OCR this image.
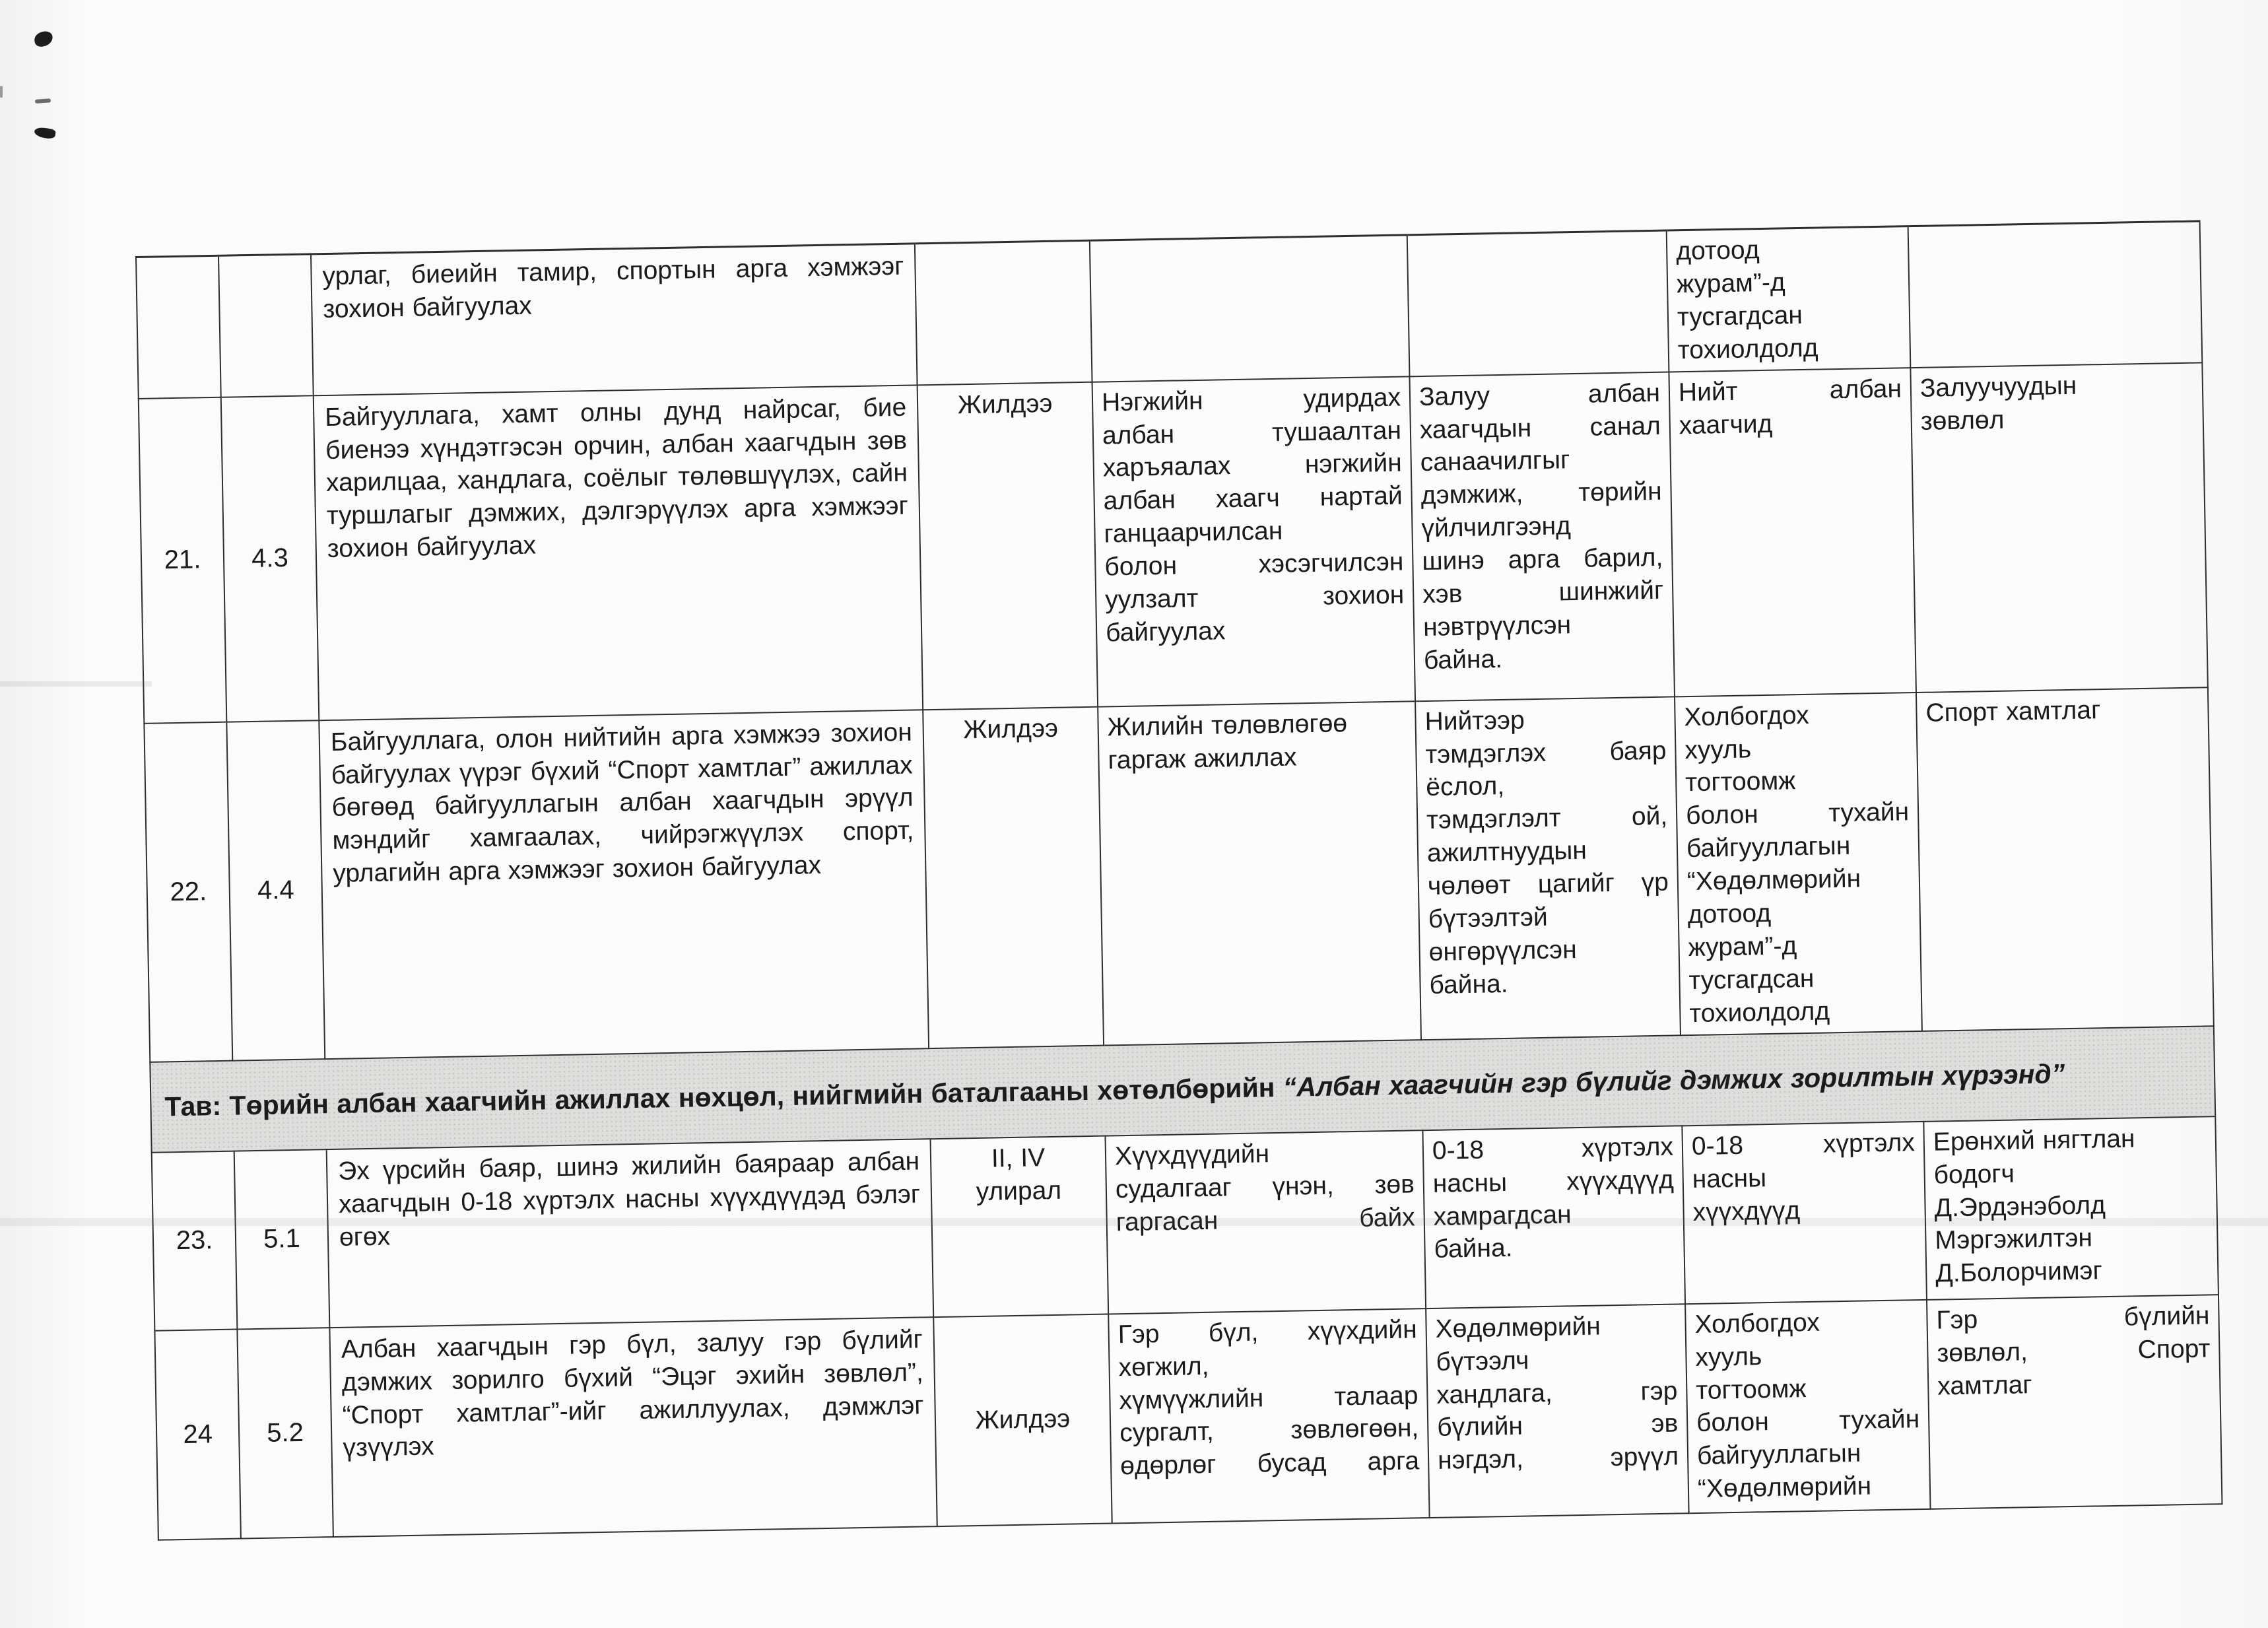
		урлаг, биеийн тамир, спортын арга хэмжээг зохион байгуулах				дотоод
журам”-д
тусгагдсан
тохиолдолд	
21.	4.3	Байгууллага, хамт олны дунд найрсаг, бие биенээ хүндэтгэсэн орчин, албан хаагчдын зөв харилцаа, хандлага, соёлыг төлөвшүүлэх, сайн туршлагыг дэмжих, дэлгэрүүлэх арга хэмжээг зохион байгуулах	Жилдээ	Нэгжийн удирдах
албан тушаалтан
харъяалах нэгжийн
албан хаагч нартай
ганцаарчилсан
болон хэсэгчилсэн
уулзалт зохион
байгуулах	Залуу албан
хаагчдын санал
санаачилгыг
дэмжиж, төрийн
үйлчилгээнд
шинэ арга барил,
хэв шинжийг
нэвтрүүлсэн
байна.	Нийт албан
хаагчид	Залуучуудын
зөвлөл
22.	4.4	Байгууллага, олон нийтийн арга хэмжээ зохион байгуулах үүрэг бүхий “Спорт хамтлаг” ажиллах бөгөөд байгууллагын албан хаагчдын эрүүл мэндийг хамгаалах, чийрэгжүүлэх спорт, урлагийн арга хэмжээг зохион байгуулах	Жилдээ	Жилийн төлөвлөгөө
гаргаж ажиллах	Нийтээр
тэмдэглэх баяр
ёслол,
тэмдэглэлт ой,
ажилтнуудын
чөлөөт цагийг үр
бүтээлтэй
өнгөрүүлсэн
байна.	Холбогдох
хууль
тогтоомж
болон тухайн
байгууллагын
“Хөдөлмөрийн
дотоод
журам”-д
тусгагдсан
тохиолдолд	Спорт хамтлаг
Тав: Төрийн албан хаагчийн ажиллах нөхцөл, нийгмийн баталгааны хөтөлбөрийн “Албан хаагчийн гэр бүлийг дэмжих зорилтын хүрээнд”							
23.	5.1	Эх үрсийн баяр, шинэ жилийн баяраар албан хаагчдын 0-18 хүртэлх насны хүүхдүүдэд бэлэг өгөх	II, IV
улирал	Хүүхдүүдийн
судалгааг үнэн, зөв
гаргасан байх	0-18 хүртэлх
насны хүүхдүүд
хамрагдсан
байна.	0-18 хүртэлх
насны
хүүхдүүд	Ерөнхий нягтлан
бодогч
Д.Эрдэнэболд
Мэргэжилтэн
Д.Болорчимэг
24	5.2	Албан хаагчдын гэр бүл, залуу гэр бүлийг дэмжих зорилго бүхий “Эцэг эхийн зөвлөл”, “Спорт хамтлаг”-ийг ажиллуулах, дэмжлэг үзүүлэх	Жилдээ	Гэр бүл, хүүхдийн
хөгжил,
хүмүүжлийн талаар
сургалт, зөвлөгөөн,
өдөрлөг бусад арга	Хөдөлмөрийн
бүтээлч
хандлага, гэр
бүлийн эв
нэгдэл, эрүүл	Холбогдох
хууль
тогтоомж
болон тухайн
байгууллагын
“Хөдөлмөрийн	Гэр бүлийн
зөвлөл, Спорт
хамтлаг
